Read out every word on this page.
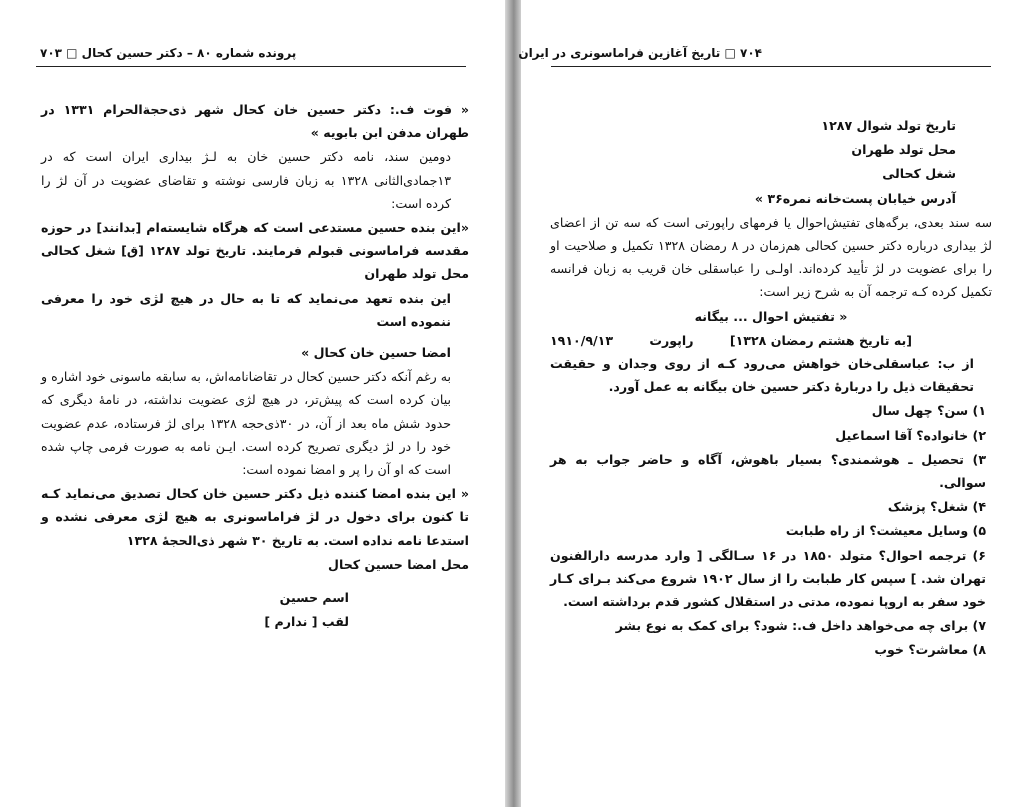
پرونده شماره ۸۰ – دکتر حسین کحال □ ۷۰۳

« فوت ف.: دکتر حسین خان کحال شهر ذی‌حجةالحرام ۱۳۳۱ در طهران مدفن ابن بابویه »

دومین سند، نامه دکتر حسین خان به لـژ بیداری ایران است که در ۱۳جمادی‌الثانی ۱۳۲۸ به زبان فارسی نوشته و تقاضای عضویت در آن لژ را کرده است:

«این بنده حسین مستدعی است که هرگاه شایسته‌ام [بدانند] در حوزه مقدسه فراماسونی قبولم فرمایند. تاریخ تولد ۱۲۸۷ [ق] شغل کحالی محل تولد طهران

این بنده تعهد می‌نماید که تا به حال در هیچ لژی خود را معرفی ننموده است

امضا حسین خان کحال »

به رغم آنکه دکتر حسین کحال در تقاضانامه‌اش، به سابقه ماسونی خود اشاره و بیان کرده است که پیش‌تر، در هیچ لژی عضویت نداشته، در نامهٔ دیگری که حدود شش ماه بعد از آن، در ۳۰ذی‌حجه ۱۳۲۸ برای لژ فرستاده، عدم عضویت خود را در لژ دیگری تصریح کرده است. ایـن نامه به صورت فرمی چاپ شده است که او آن را پر و امضا نموده است:

« این بنده امضا کننده ذیل دکتر حسین خان کحال تصدیق می‌نماید کـه تا کنون برای دخول در لژ فراماسونری به هیچ لژی معرفی نشده و استدعا نامه نداده است. به تاریخ ۳۰ شهر ذی‌الحجهٔ ۱۳۲۸

محل امضا حسین کحال

اسم حسین

لقب [ ندارم ]

۷۰۴ □ تاریخ آغازین فراماسونری در ایران

تاریخ تولد شوال ۱۲۸۷

محل تولد طهران

شغل کحالی

آدرس خیابان پست‌خانه نمره۳۶ »

سه سند بعدی، برگه‌های تفتیش‌احوال یا فرمهای راپورتی است که سه تن از اعضای لژ بیداری درباره دکتر حسین کحالی هم‌زمان در ۸ رمضان ۱۳۲۸ تکمیل و صلاحیت او را برای عضویت در لژ تأیید کرده‌اند. اولـی را عباسقلی خان قریب به زبان فرانسه تکمیل کرده کـه ترجمه آن به شرح زیر است:

« تفتیش احوال ... بیگانه

[به تاریخ هشتم رمضان ۱۳۲۸]
راپورت
۱۹۱۰/۹/۱۳

از ب: عباسقلی‌خان خواهش می‌رود کـه از روی وجدان و حقیقت تحقیقات ذیل را دربارهٔ دکتر حسین خان بیگانه به عمل آورد.

۱) سن؟ چهل سال

۲) خانواده؟ آقا اسماعیل

۳) تحصیل ـ هوشمندی؟ بسیار باهوش، آگاه و حاضر جواب به هر سوالی.

۴) شغل؟ پزشک

۵) وسایل معیشت؟ از راه طبابت

۶) ترجمه احوال؟ متولد ۱۸۵۰ در ۱۶ سـالگی [ وارد مدرسه دارالفنون تهران شد. ] سپس کار طبابت را از سال ۱۹۰۲ شروع می‌کند بـرای کـار خود سفر به اروپا نموده، مدتی در استقلال کشور قدم برداشته است.

۷) برای چه می‌خواهد داخل ف.: شود؟ برای کمک به نوع بشر

۸) معاشرت؟ خوب
